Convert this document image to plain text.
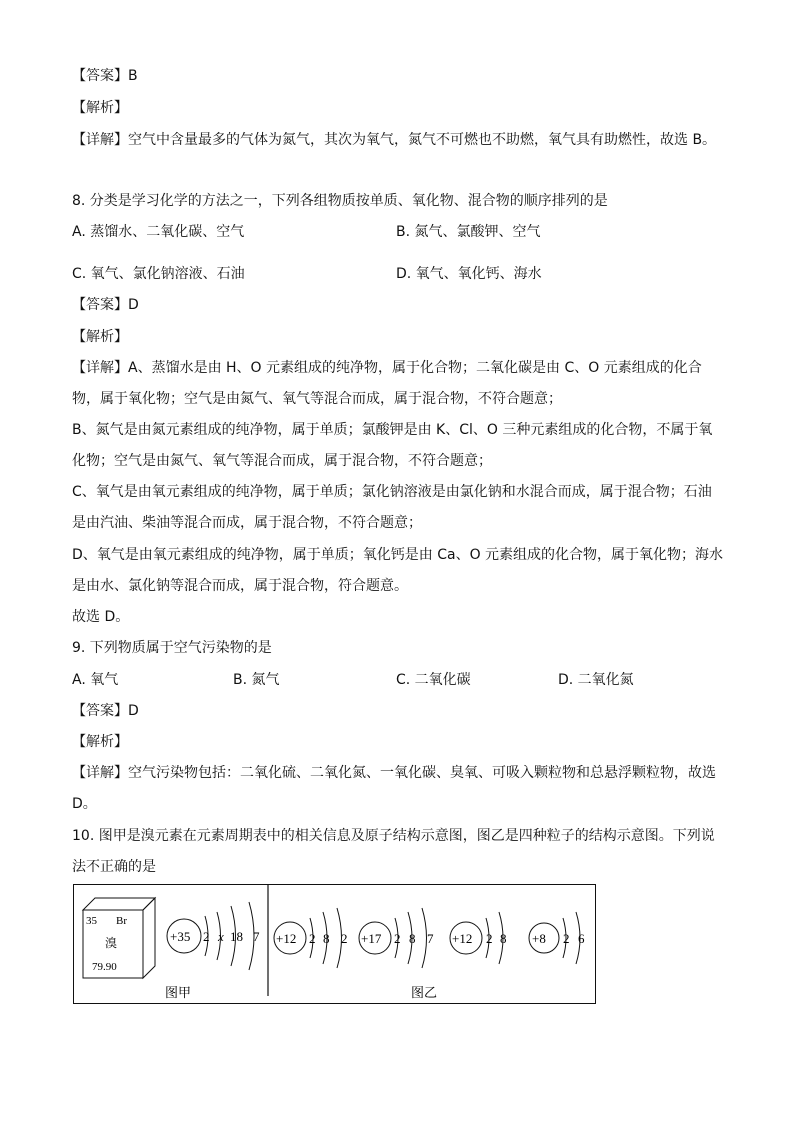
【答案】B
【解析】
【详解】空气中含量最多的气体为氮气，其次为氧气，氮气不可燃也不助燃，氧气具有助燃性，故选 B。
8. 分类是学习化学的方法之一，下列各组物质按单质、氧化物、混合物的顺序排列的是
A. 蒸馏水、二氧化碳、空气	B. 氮气、氯酸钾、空气
C. 氧气、氯化钠溶液、石油	D. 氧气、氧化钙、海水
【答案】D
【解析】
【详解】A、蒸馏水是由 H、O 元素组成的纯净物，属于化合物；二氧化碳是由 C、O 元素组成的化合
物，属于氧化物；空气是由氮气、氧气等混合而成，属于混合物，不符合题意；
B、氮气是由氮元素组成的纯净物，属于单质；氯酸钾是由 K、Cl、O 三种元素组成的化合物，不属于氧
化物；空气是由氮气、氧气等混合而成，属于混合物，不符合题意；
C、氧气是由氧元素组成的纯净物，属于单质；氯化钠溶液是由氯化钠和水混合而成，属于混合物；石油
是由汽油、柴油等混合而成，属于混合物，不符合题意；
D、氧气是由氧元素组成的纯净物，属于单质；氧化钙是由 Ca、O 元素组成的化合物，属于氧化物；海水
是由水、氯化钠等混合而成，属于混合物，符合题意。
故选 D。
9. 下列物质属于空气污染物的是
A. 氧气	B. 氮气	C. 二氧化碳	D. 二氧化氮
【答案】D
【解析】
【详解】空气污染物包括：二氧化硫、二氧化氮、一氧化碳、臭氧、可吸入颗粒物和总悬浮颗粒物，故选
D。
10. 图甲是溴元素在元素周期表中的相关信息及原子结构示意图，图乙是四种粒子的结构示意图。下列说
法不正确的是
35 Br
溴
79.90
+35 2 x 18 7 +12 2 8 2 +17 2 8 7 +12 2 8 +8 2 6
图甲	图乙
